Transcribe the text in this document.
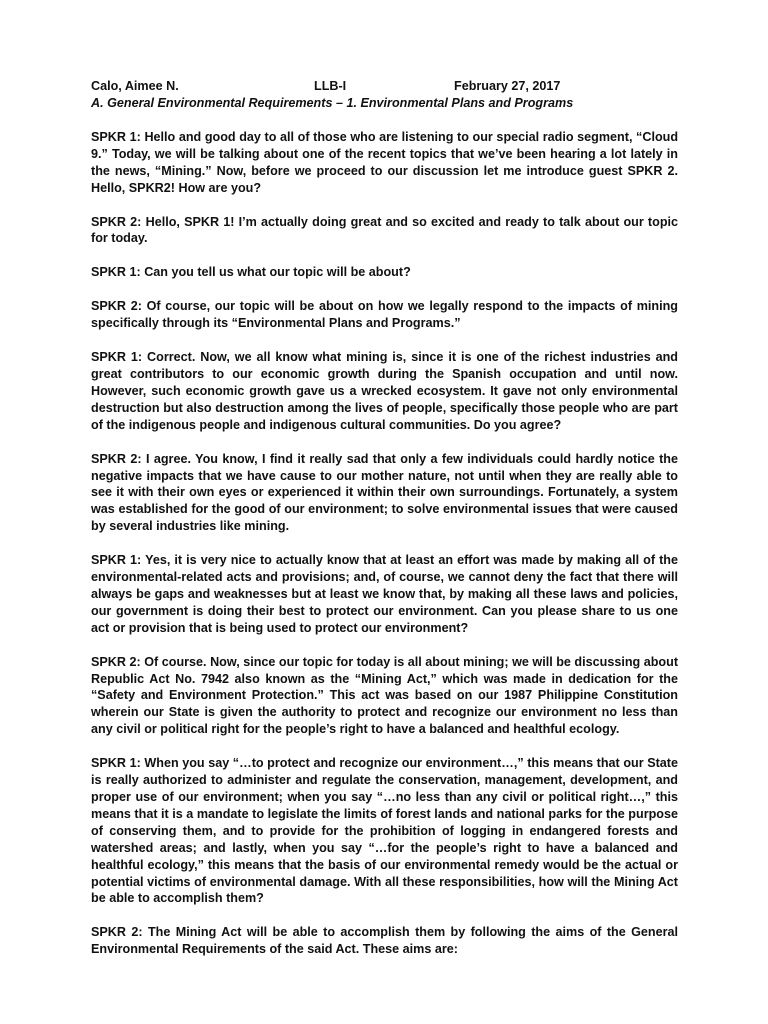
Calo, Aimee N.	LLB-I	February 27, 2017
A. General Environmental Requirements – 1. Environmental Plans and Programs

SPKR 1: Hello and good day to all of those who are listening to our special radio segment, “Cloud 9.” Today, we will be talking about one of the recent topics that we’ve been hearing a lot lately in the news, “Mining.” Now, before we proceed to our discussion let me introduce guest SPKR 2. Hello, SPKR2! How are you?

SPKR 2: Hello, SPKR 1! I’m actually doing great and so excited and ready to talk about our topic for today.

SPKR 1: Can you tell us what our topic will be about?

SPKR 2: Of course, our topic will be about on how we legally respond to the impacts of mining specifically through its “Environmental Plans and Programs.”

SPKR 1: Correct. Now, we all know what mining is, since it is one of the richest industries and great contributors to our economic growth during the Spanish occupation and until now. However, such economic growth gave us a wrecked ecosystem. It gave not only environmental destruction but also destruction among the lives of people, specifically those people who are part of the indigenous people and indigenous cultural communities. Do you agree?

SPKR 2: I agree. You know, I find it really sad that only a few individuals could hardly notice the negative impacts that we have cause to our mother nature, not until when they are really able to see it with their own eyes or experienced it within their own surroundings. Fortunately, a system was established for the good of our environment; to solve environmental issues that were caused by several industries like mining.

SPKR 1: Yes, it is very nice to actually know that at least an effort was made by making all of the environmental-related acts and provisions; and, of course, we cannot deny the fact that there will always be gaps and weaknesses but at least we know that, by making all these laws and policies, our government is doing their best to protect our environment. Can you please share to us one act or provision that is being used to protect our environment?

SPKR 2: Of course. Now, since our topic for today is all about mining; we will be discussing about Republic Act No. 7942 also known as the “Mining Act,” which was made in dedication for the “Safety and Environment Protection.” This act was based on our 1987 Philippine Constitution wherein our State is given the authority to protect and recognize our environment no less than any civil or political right for the people’s right to have a balanced and healthful ecology.

SPKR 1: When you say “…to protect and recognize our environment…,” this means that our State is really authorized to administer and regulate the conservation, management, development, and proper use of our environment; when you say “…no less than any civil or political right…,” this means that it is a mandate to legislate the limits of forest lands and national parks for the purpose of conserving them, and to provide for the prohibition of logging in endangered forests and watershed areas; and lastly, when you say “…for the people’s right to have a balanced and healthful ecology,” this means that the basis of our environmental remedy would be the actual or potential victims of environmental damage. With all these responsibilities, how will the Mining Act be able to accomplish them?

SPKR 2: The Mining Act will be able to accomplish them by following the aims of the General Environmental Requirements of the said Act. These aims are:
